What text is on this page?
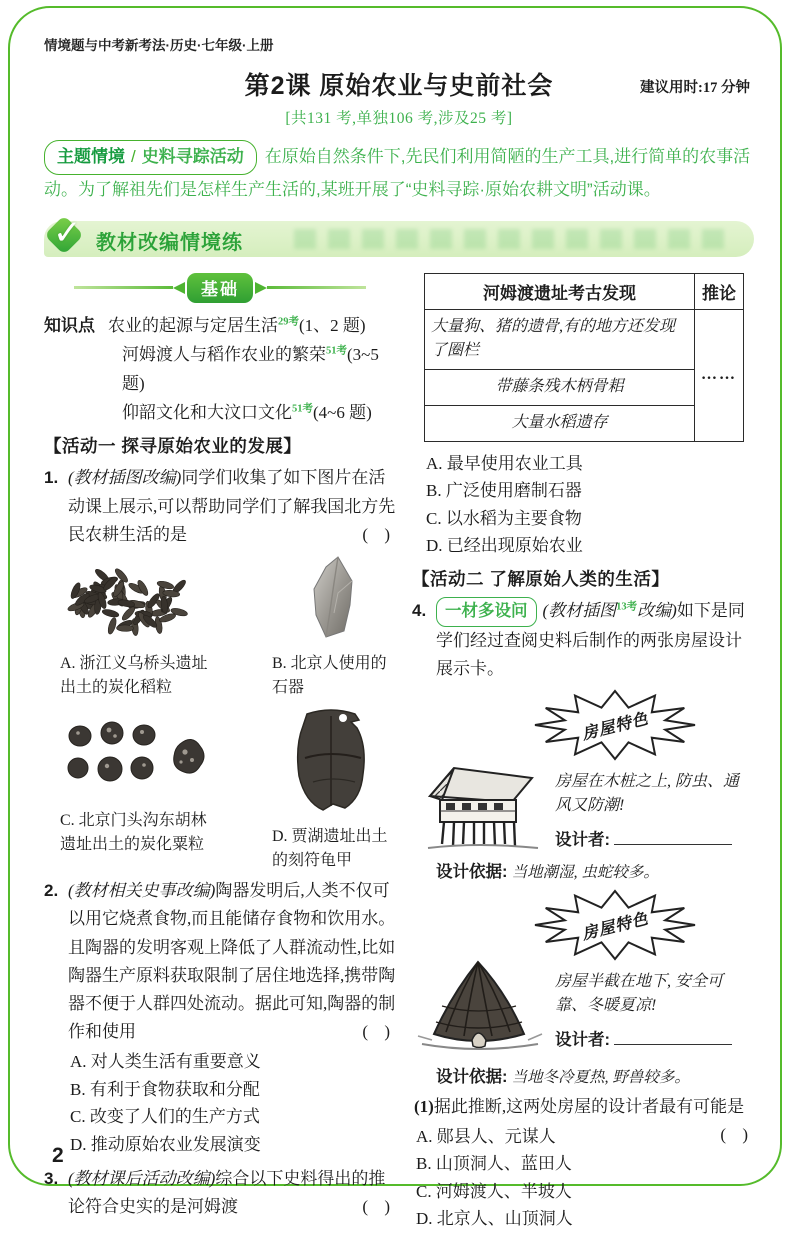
情境题与中考新考法·历史·七年级·上册
第2课 原始农业与史前社会	建议用时:17 分钟
[共131 考,单独106 考,涉及25 考]
主题情境 / 史料寻踪活动 在原始自然条件下,先民们利用简陋的生产工具,进行简单的农事活动。为了解祖先们是怎样生产生活的,某班开展了“史料寻踪·原始农耕文明”活动课。
✓ 教材改编情境练
基础
知识点 农业的起源与定居生活$^{29考}$(1、2 题)
河姆渡人与稻作农业的繁荣$^{51考}$(3~5 题)
仰韶文化和大汶口文化$^{51考}$(4~6 题)
【活动一 探寻原始农业的发展】
1. (教材插图改编)同学们收集了如下图片在活动课上展示,可以帮助同学们了解我国北方先民农耕生活的是	( )
A. 浙江义乌桥头遗址出土的炭化稻粒
B. 北京人使用的石器
C. 北京门头沟东胡林遗址出土的炭化粟粒	D. 贾湖遗址出土的刻符龟甲
2. (教材相关史事改编)陶器发明后,人类不仅可以用它烧煮食物,而且能储存食物和饮用水。且陶器的发明客观上降低了人群流动性,比如陶器生产原料获取限制了居住地选择,携带陶器不便于人群四处流动。据此可知,陶器的制作和使用	( )
A. 对人类生活有重要意义
B. 有利于食物获取和分配
C. 改变了人们的生产方式
D. 推动原始农业发展演变
3. (教材课后活动改编)综合以下史料得出的推论符合史实的是河姆渡	( )
河姆渡遗址考古发现	推论
大量狗、猪的遗骨,有的地方还发现了圈栏	……
带藤条残木柄骨耜	
大量水稻遗存	
A. 最早使用农业工具
B. 广泛使用磨制石器
C. 以水稻为主要食物
D. 已经出现原始农业
【活动二 了解原始人类的生活】
4.	一材多设问 (教材插图$^{13考}$改编)如下是同学们经过查阅史料后制作的两张房屋设计展示卡。
房屋特色
房屋在木桩之上, 防虫、通风又防潮!
设计者:
设计依据: 当地潮湿, 虫蛇较多。
房屋特色
房屋半截在地下, 安全可靠、冬暖夏凉!
设计者:
设计依据: 当地冬冷夏热, 野兽较多。
(1)据此推断,这两处房屋的设计者最有可能是
( )
A. 郧县人、元谋人
B. 山顶洞人、蓝田人
C. 河姆渡人、半坡人
D. 北京人、山顶洞人
2
